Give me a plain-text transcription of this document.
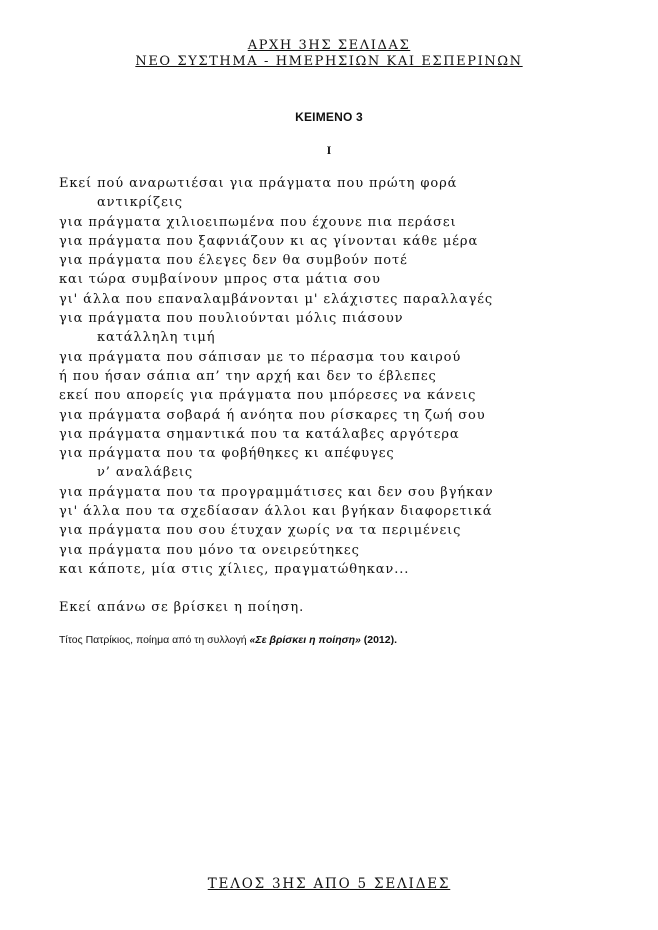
ΑΡΧΗ 3ΗΣ ΣΕΛΙΔΑΣ
ΝΕΟ ΣΥΣΤΗΜΑ - ΗΜΕΡΗΣΙΩΝ ΚΑΙ ΕΣΠΕΡΙΝΩΝ
ΚΕΙΜΕΝΟ 3
I
Εκεί πού αναρωτιέσαι για πράγματα που πρώτη φορά
αντικρίζεις
για πράγματα χιλιοειπωμένα που έχουνε πια περάσει
για πράγματα που ξαφνιάζουν κι ας γίνονται κάθε μέρα
για πράγματα που έλεγες δεν θα συμβούν ποτέ
και τώρα συμβαίνουν μπρος στα μάτια σου
γι' άλλα που επαναλαμβάνονται μ' ελάχιστες παραλλαγές
για πράγματα που πουλιούνται μόλις πιάσουν
κατάλληλη τιμή
για πράγματα που σάπισαν με το πέρασμα του καιρού
ή που ήσαν σάπια απ’ την αρχή και δεν το έβλεπες
εκεί που απορείς για πράγματα που μπόρεσες να κάνεις
για πράγματα σοβαρά ή ανόητα που ρίσκαρες τη ζωή σου
για πράγματα σημαντικά που τα κατάλαβες αργότερα
για πράγματα που τα φοβήθηκες κι απέφυγες
ν’ αναλάβεις
για πράγματα που τα προγραμμάτισες και δεν σου βγήκαν
γι' άλλα που τα σχεδίασαν άλλοι και βγήκαν διαφορετικά
για πράγματα που σου έτυχαν χωρίς να τα περιμένεις
για πράγματα που μόνο τα ονειρεύτηκες
και κάποτε, μία στις χίλιες, πραγματώθηκαν...
Εκεί απάνω σε βρίσκει η ποίηση.
Τίτος Πατρίκιος, ποίημα από τη συλλογή «Σε βρίσκει η ποίηση» (2012).
ΤΕΛΟΣ 3ΗΣ ΑΠΟ 5 ΣΕΛΙΔΕΣ
